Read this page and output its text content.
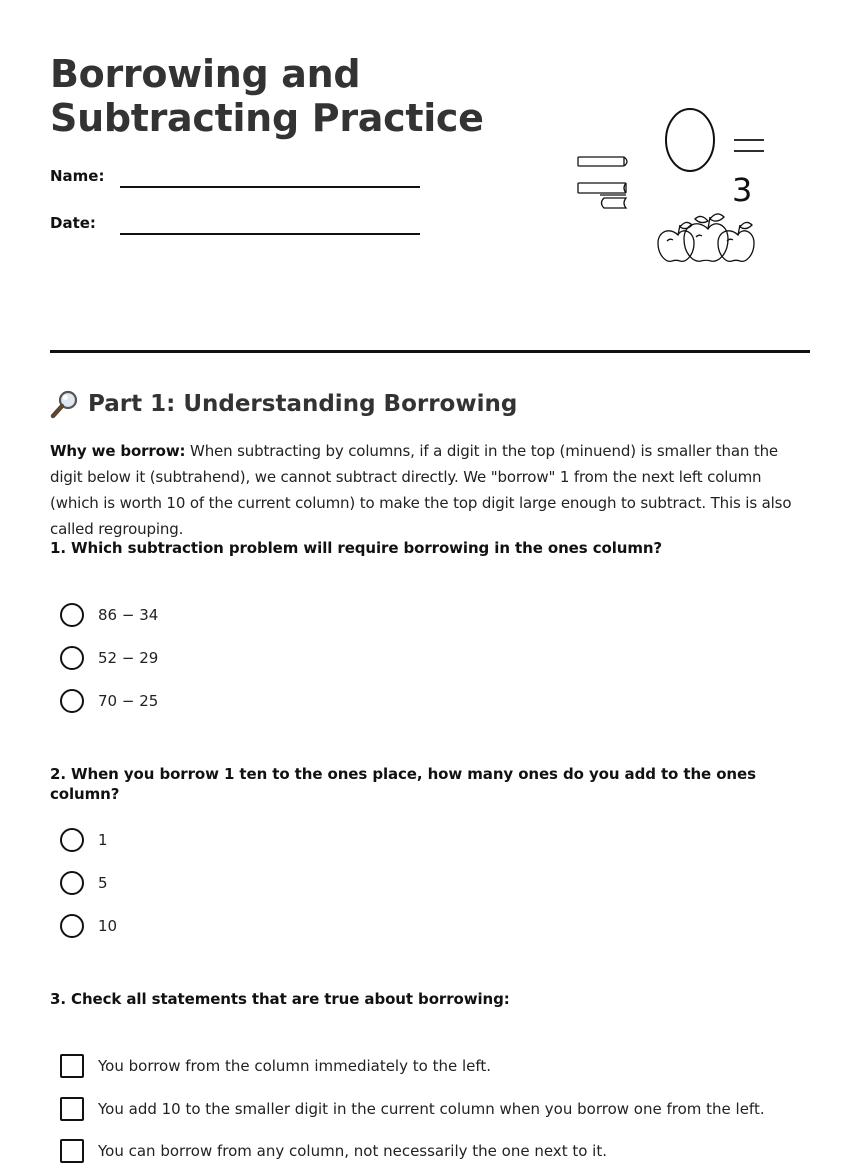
Borrowing and
Subtracting Practice
Name:
Date:
3
Part 1: Understanding Borrowing

Why we borrow: When subtracting by columns, if a digit in the top (minuend) is smaller than the digit below it (subtrahend), we cannot subtract directly. We "borrow" 1 from the next left column (which is worth 10 of the current column) to make the top digit large enough to subtract. This is also called regrouping.

1. Which subtraction problem will require borrowing in the ones column?
86 − 34
52 − 29
70 − 25
2. When you borrow 1 ten to the ones place, how many ones do you add to the ones column?
1
5
10
3. Check all statements that are true about borrowing:
You borrow from the column immediately to the left.
You add 10 to the smaller digit in the current column when you borrow one from the left.
You can borrow from any column, not necessarily the one next to it.
